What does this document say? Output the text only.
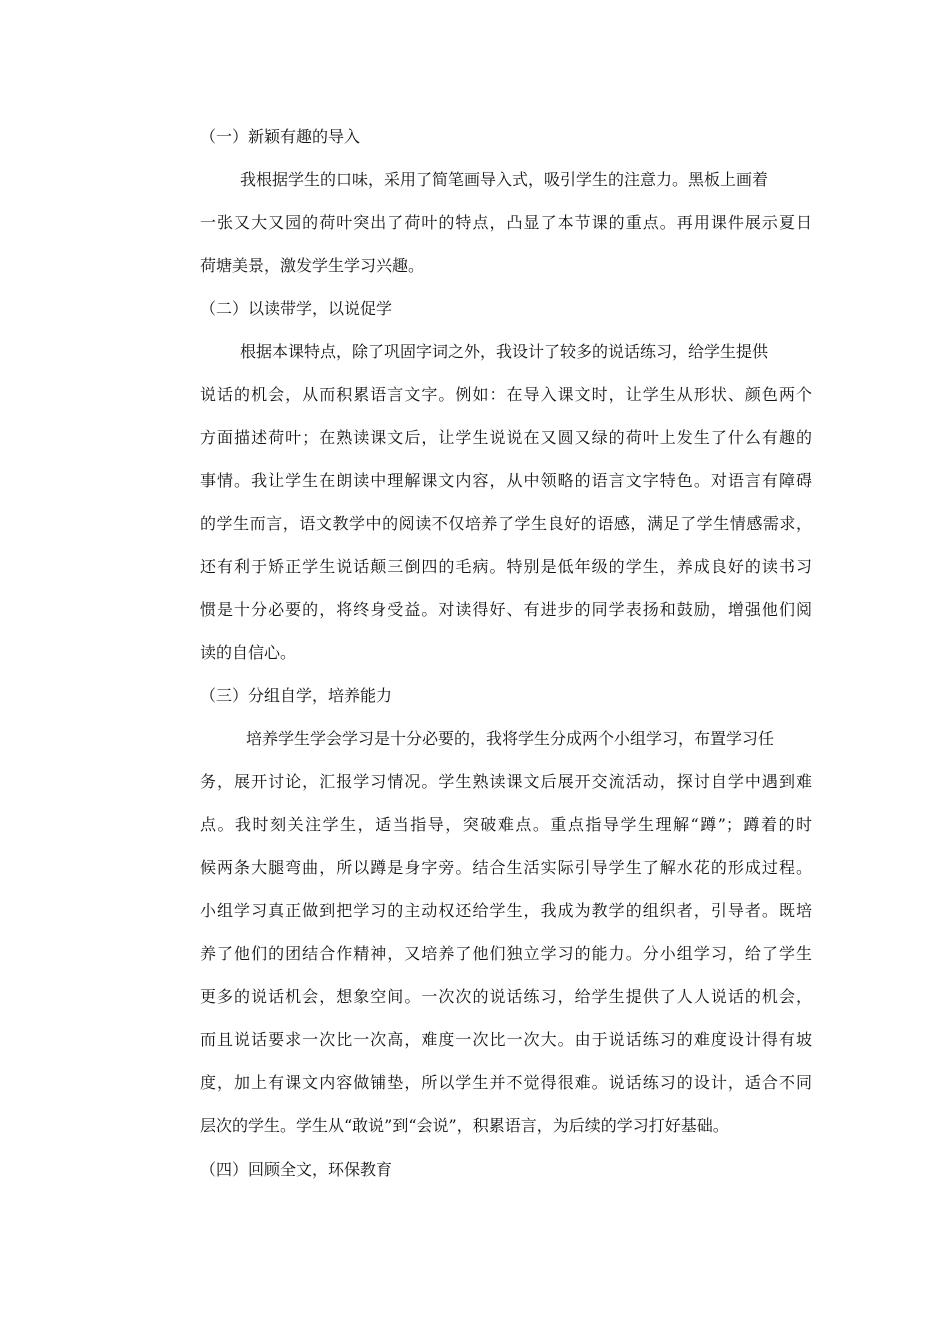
（一）新颖有趣的导入
我根据学生的口味，采用了简笔画导入式，吸引学生的注意力。黑板上画着
一张又大又园的荷叶突出了荷叶的特点，凸显了本节课的重点。再用课件展示夏日
荷塘美景，激发学生学习兴趣。
（二）以读带学，以说促学
根据本课特点，除了巩固字词之外，我设计了较多的说话练习，给学生提供
说话的机会，从而积累语言文字。例如：在导入课文时，让学生从形状、颜色两个
方面描述荷叶；在熟读课文后，让学生说说在又圆又绿的荷叶上发生了什么有趣的
事情。我让学生在朗读中理解课文内容，从中领略的语言文字特色。对语言有障碍
的学生而言，语文教学中的阅读不仅培养了学生良好的语感，满足了学生情感需求，
还有利于矫正学生说话颠三倒四的毛病。特别是低年级的学生，养成良好的读书习
惯是十分必要的，将终身受益。对读得好、有进步的同学表扬和鼓励，增强他们阅
读的自信心。
（三）分组自学，培养能力
培养学生学会学习是十分必要的，我将学生分成两个小组学习，布置学习任
务，展开讨论，汇报学习情况。学生熟读课文后展开交流活动，探讨自学中遇到难
点。我时刻关注学生，适当指导，突破难点。重点指导学生理解“蹲”；蹲着的时
候两条大腿弯曲，所以蹲是身字旁。结合生活实际引导学生了解水花的形成过程。
小组学习真正做到把学习的主动权还给学生，我成为教学的组织者，引导者。既培
养了他们的团结合作精神，又培养了他们独立学习的能力。分小组学习，给了学生
更多的说话机会，想象空间。一次次的说话练习，给学生提供了人人说话的机会，
而且说话要求一次比一次高，难度一次比一次大。由于说话练习的难度设计得有坡
度，加上有课文内容做铺垫，所以学生并不觉得很难。说话练习的设计，适合不同
层次的学生。学生从“敢说”到“会说”，积累语言，为后续的学习打好基础。
（四）回顾全文，环保教育
